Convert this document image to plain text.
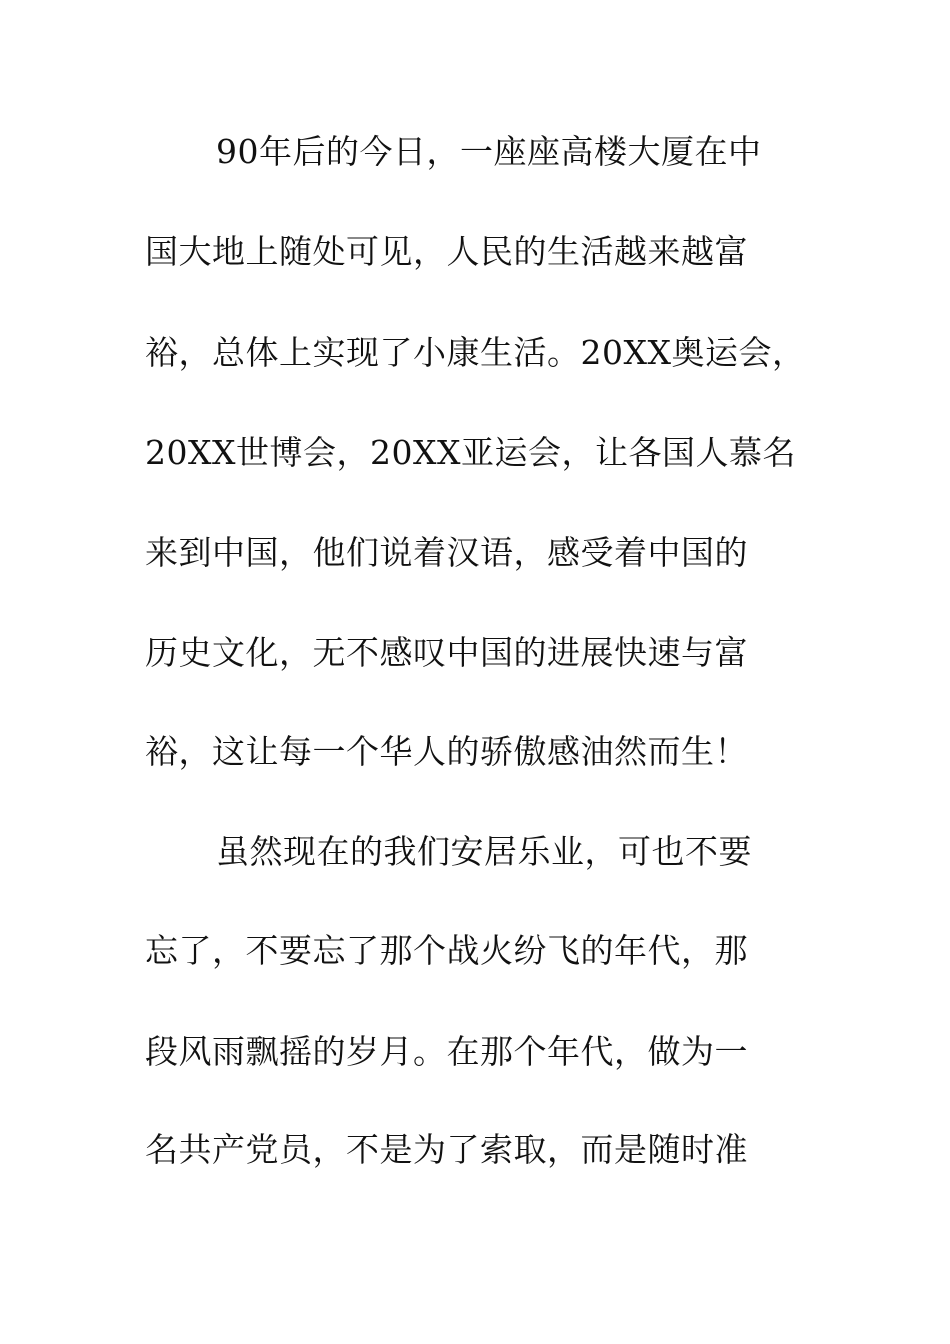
90年后的今日，一座座高楼大厦在中
国大地上随处可见，人民的生活越来越富
裕，总体上实现了小康生活。20XX奥运会，
20XX世博会，20XX亚运会，让各国人慕名
来到中国，他们说着汉语，感受着中国的
历史文化，无不感叹中国的进展快速与富
裕，这让每一个华人的骄傲感油然而生！
虽然现在的我们安居乐业，可也不要
忘了，不要忘了那个战火纷飞的年代，那
段风雨飘摇的岁月。在那个年代，做为一
名共产党员，不是为了索取，而是随时准
